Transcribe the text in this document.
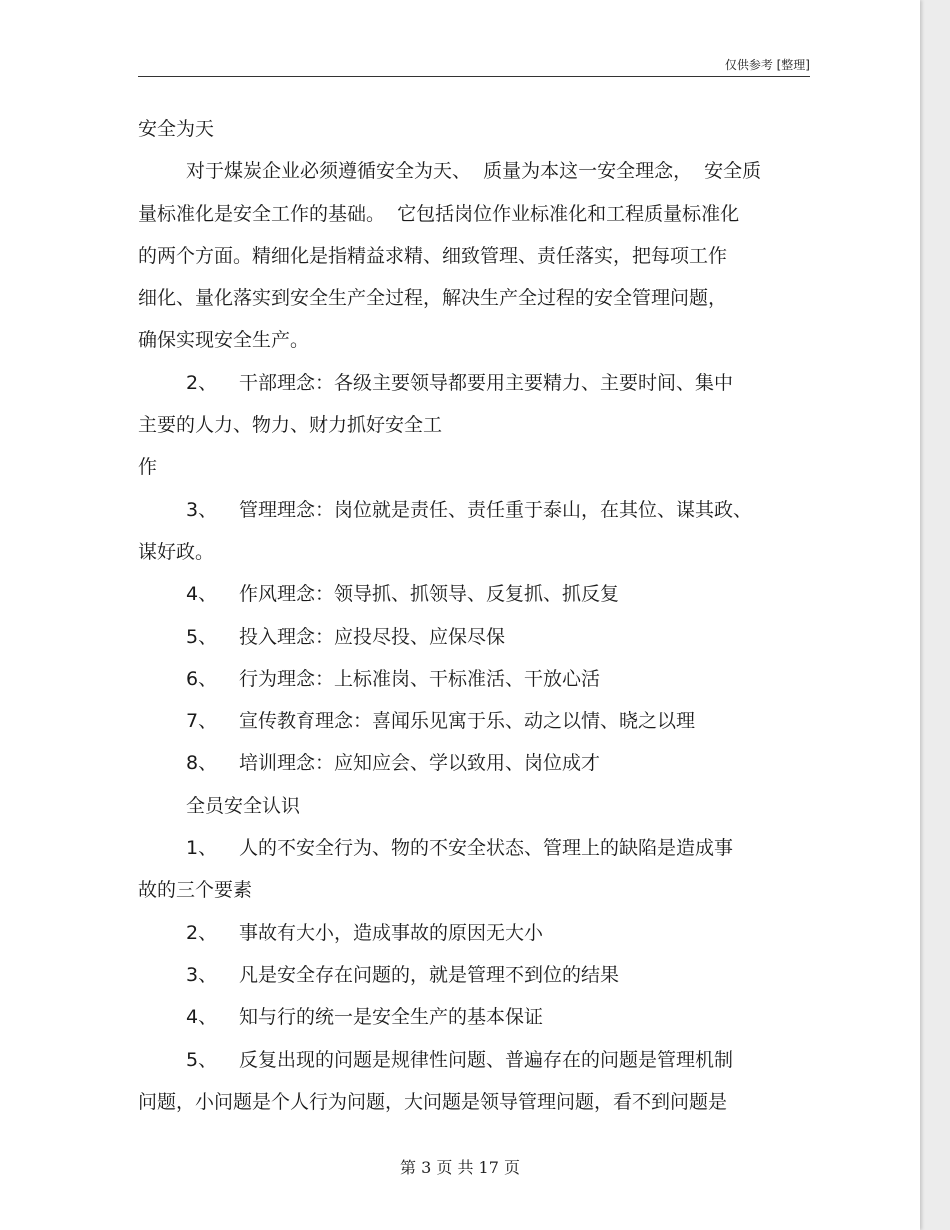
仅供参考 [整理]
安全为天
对于煤炭企业必须遵循安全为天、  质量为本这一安全理念，  安全质
量标准化是安全工作的基础。  它包括岗位作业标准化和工程质量标准化
的两个方面。精细化是指精益求精、细致管理、责任落实，把每项工作
细化、量化落实到安全生产全过程，解决生产全过程的安全管理问题，
确保实现安全生产。
2、 干部理念：各级主要领导都要用主要精力、主要时间、集中
主要的人力、物力、财力抓好安全工
作
3、 管理理念：岗位就是责任、责任重于泰山，在其位、谋其政、
谋好政。
4、 作风理念：领导抓、抓领导、反复抓、抓反复
5、 投入理念：应投尽投、应保尽保
6、 行为理念：上标准岗、干标准活、干放心活
7、 宣传教育理念：喜闻乐见寓于乐、动之以情、晓之以理
8、 培训理念：应知应会、学以致用、岗位成才
全员安全认识
1、 人的不安全行为、物的不安全状态、管理上的缺陷是造成事
故的三个要素
2、 事故有大小，造成事故的原因无大小
3、 凡是安全存在问题的，就是管理不到位的结果
4、 知与行的统一是安全生产的基本保证
5、 反复出现的问题是规律性问题、普遍存在的问题是管理机制
问题，小问题是个人行为问题，大问题是领导管理问题，看不到问题是
第 3 页 共 17 页
